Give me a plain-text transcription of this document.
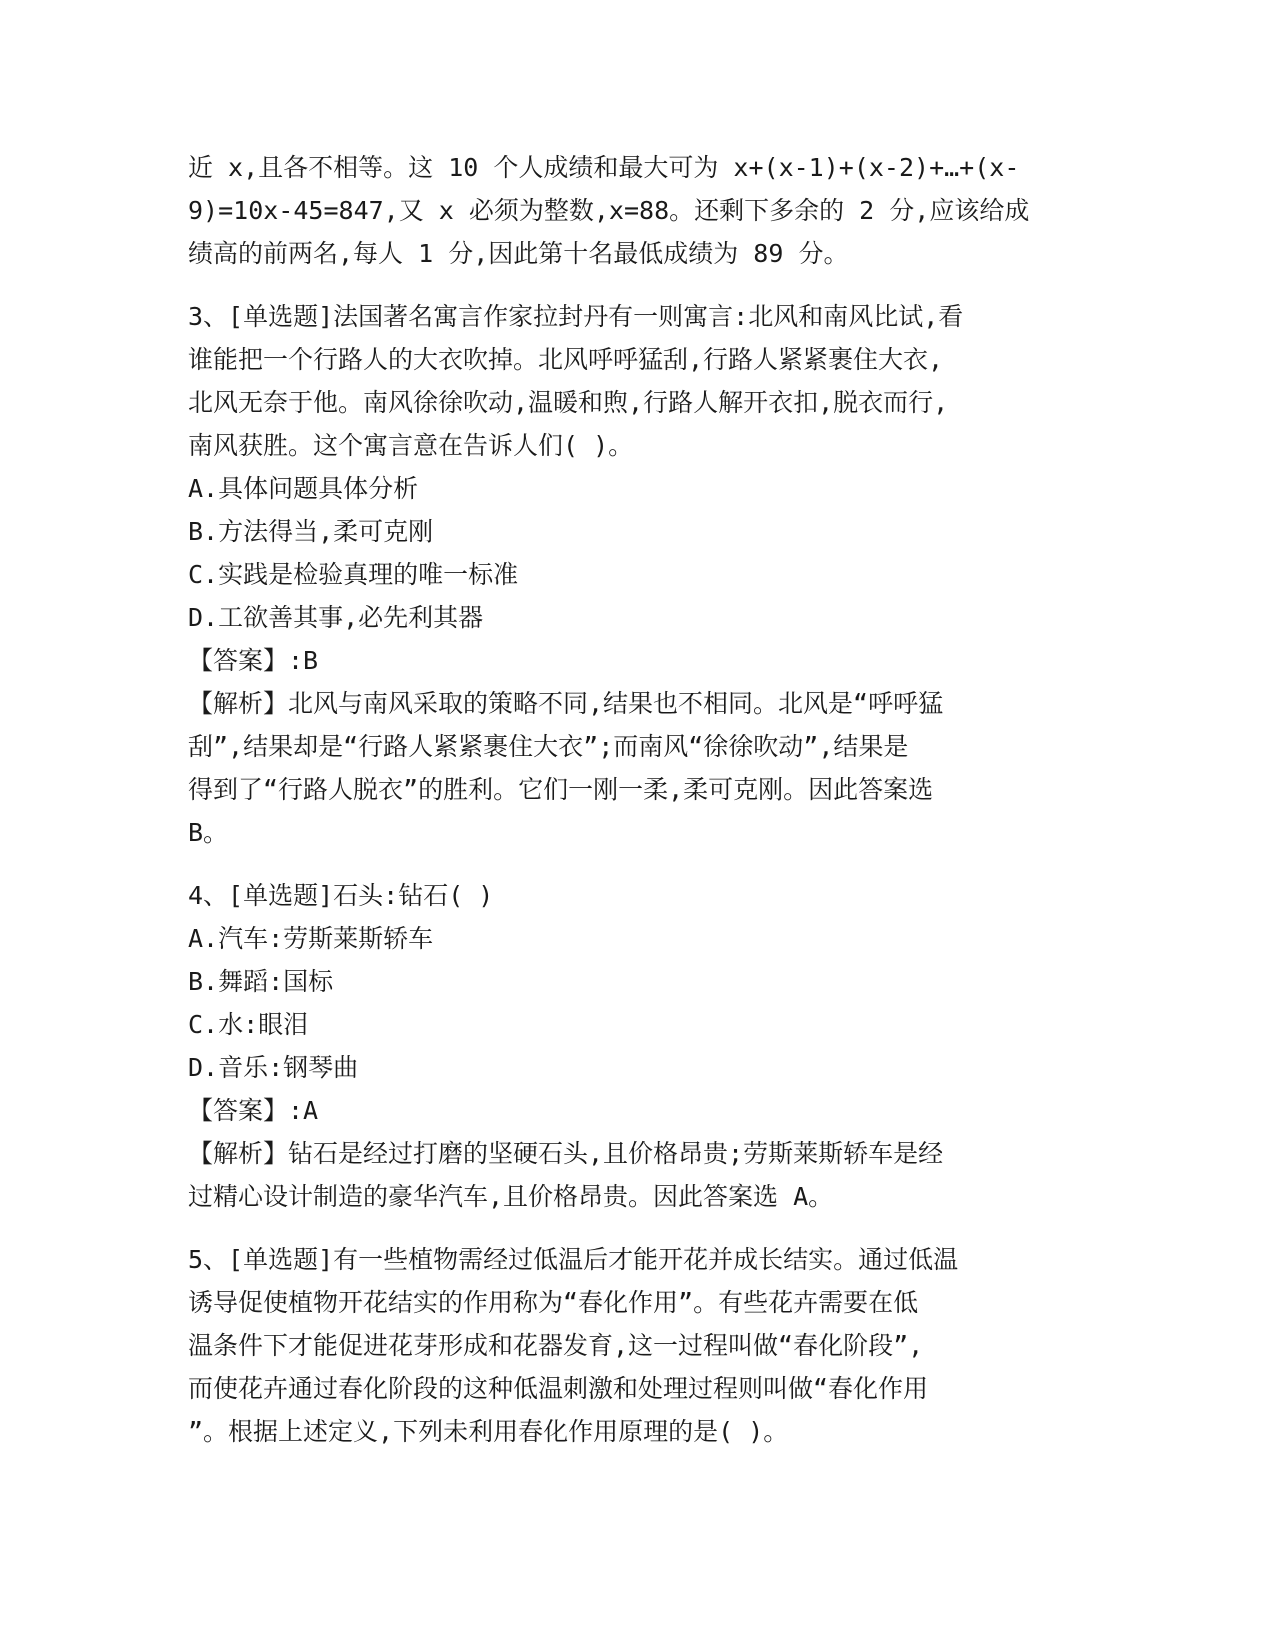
近 x,且各不相等。这 10 个人成绩和最大可为 x+(x-1)+(x-2)+…+(x-
9)=10x-45=847,又 x 必须为整数,x=88。还剩下多余的 2 分,应该给成
绩高的前两名,每人 1 分,因此第十名最低成绩为 89 分。
3、[单选题]法国著名寓言作家拉封丹有一则寓言:北风和南风比试,看
谁能把一个行路人的大衣吹掉。北风呼呼猛刮,行路人紧紧裹住大衣,
北风无奈于他。南风徐徐吹动,温暖和煦,行路人解开衣扣,脱衣而行,
南风获胜。这个寓言意在告诉人们( )。
A.具体问题具体分析
B.方法得当,柔可克刚
C.实践是检验真理的唯一标准
D.工欲善其事,必先利其器
【答案】:B
【解析】北风与南风采取的策略不同,结果也不相同。北风是“呼呼猛
刮”,结果却是“行路人紧紧裹住大衣”;而南风“徐徐吹动”,结果是
得到了“行路人脱衣”的胜利。它们一刚一柔,柔可克刚。因此答案选
B。
4、[单选题]石头:钻石( )
A.汽车:劳斯莱斯轿车
B.舞蹈:国标
C.水:眼泪
D.音乐:钢琴曲
【答案】:A
【解析】钻石是经过打磨的坚硬石头,且价格昂贵;劳斯莱斯轿车是经
过精心设计制造的豪华汽车,且价格昂贵。因此答案选 A。
5、[单选题]有一些植物需经过低温后才能开花并成长结实。通过低温
诱导促使植物开花结实的作用称为“春化作用”。有些花卉需要在低
温条件下才能促进花芽形成和花器发育,这一过程叫做“春化阶段”,
而使花卉通过春化阶段的这种低温刺激和处理过程则叫做“春化作用
”。根据上述定义,下列未利用春化作用原理的是( )。
